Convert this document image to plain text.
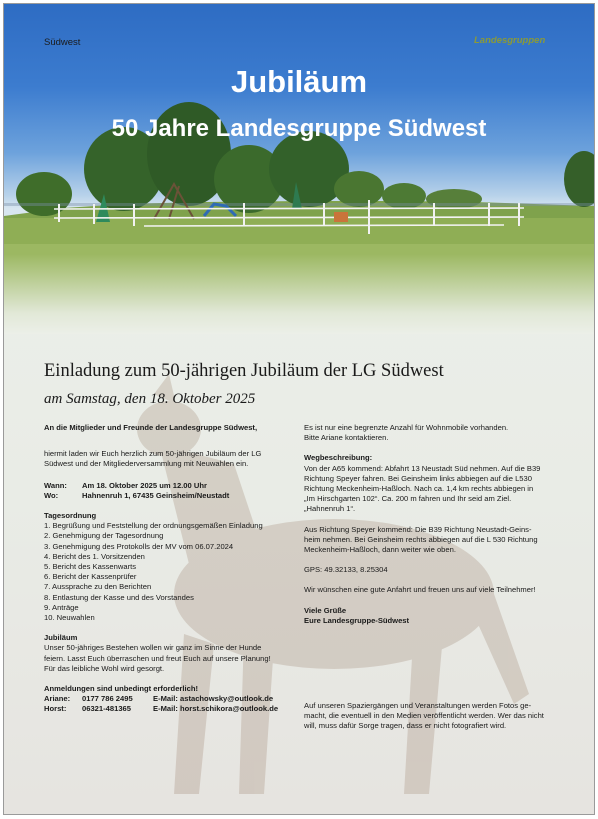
Südwest	Landesgruppen
Jubiläum
50 Jahre Landesgruppe Südwest
Einladung zum 50-jährigen Jubiläum der LG Südwest
am Samstag, den 18. Oktober 2025

An die Mitglieder und Freunde der Landesgruppe Südwest,

hiermit laden wir Euch herzlich zum 50-jährigen Jubiläum der LG

Südwest und der Mitgliederversammlung mit Neuwahlen ein.

Wann:	Am 18. Oktober 2025 um 12.00 Uhr
Wo:	Hahnenruh 1, 67435 Geinsheim/Neustadt

Tagesordnung

1. Begrüßung und Feststellung der ordnungsgemäßen Einladung
2. Genehmigung der Tagesordnung
3. Genehmigung des Protokolls der MV vom 06.07.2024
4. Bericht des 1. Vorsitzenden
5. Bericht des Kassenwarts
6. Bericht der Kassenprüfer
7. Aussprache zu den Berichten
8. Entlastung der Kasse und des Vorstandes
9. Anträge
10. Neuwahlen

Jubiläum

Unser 50-jähriges Bestehen wollen wir ganz im Sinne der Hunde

feiern. Lasst Euch überraschen und freut Euch auf unsere Planung!

Für das leibliche Wohl wird gesorgt.

Anmeldungen sind unbedingt erforderlich!

Ariane:	0177 786 2495	E-Mail: astachowsky@outlook.de
Horst:	06321-481365	E-Mail: horst.schikora@outlook.de

Es ist nur eine begrenzte Anzahl für Wohnmobile vorhanden.

Bitte Ariane kontaktieren.

Wegbeschreibung:

Von der A65 kommend: Abfahrt 13 Neustadt Süd nehmen. Auf die B39

Richtung Speyer fahren. Bei Geinsheim links abbiegen auf die L530

Richtung Meckenheim-Haßloch. Nach ca. 1,4 km rechts abbiegen in

„Im Hirschgarten 102“. Ca. 200 m fahren und Ihr seid am Ziel.

„Hahnenruh 1“.

Aus Richtung Speyer kommend: Die B39 Richtung Neustadt-Geins-

heim nehmen. Bei Geinsheim rechts abbiegen auf die L 530 Richtung

Meckenheim-Haßloch, dann weiter wie oben.

GPS: 49.32133, 8.25304

Wir wünschen eine gute Anfahrt und freuen uns auf viele Teilnehmer!

Viele Grüße

Eure Landesgruppe-Südwest

Auf unseren Spaziergängen und Veranstaltungen werden Fotos ge-

macht, die eventuell in den Medien veröffentlicht werden. Wer das nicht

will, muss dafür Sorge tragen, dass er nicht fotografiert wird.
